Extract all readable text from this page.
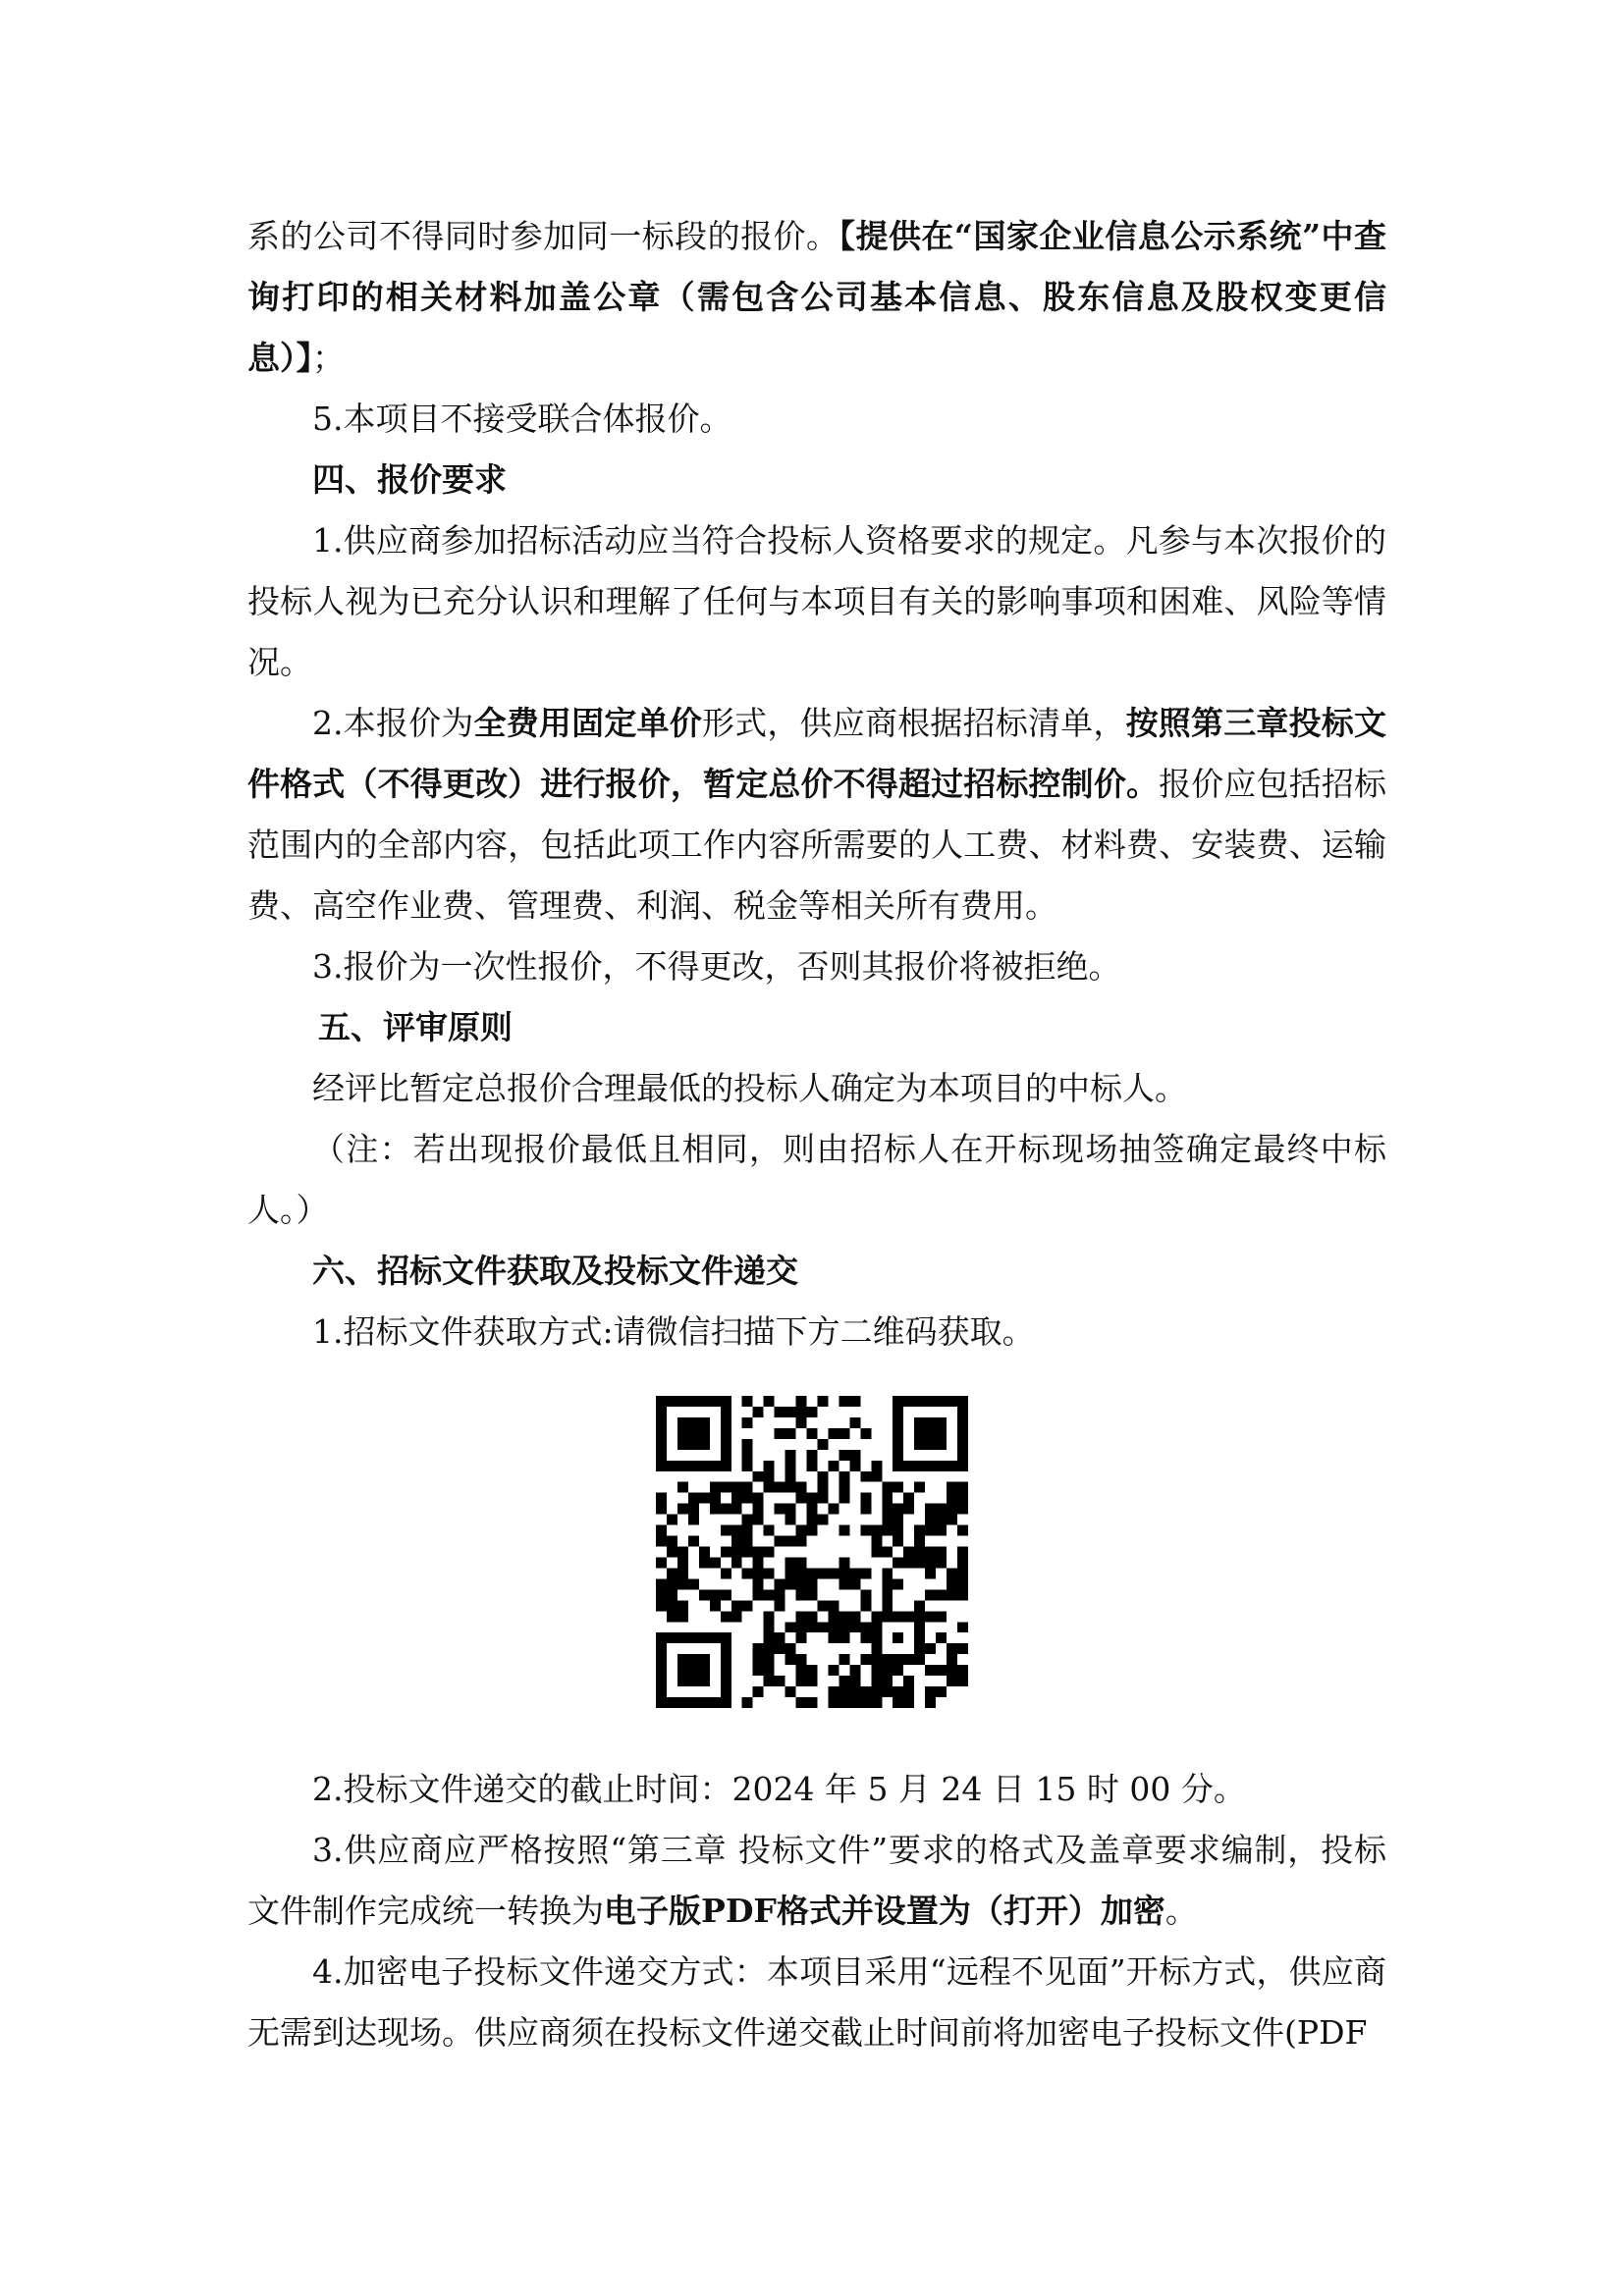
系的公司不得同时参加同一标段的报价。【提供在“国家企业信息公示系统”中查询打印的相关材料加盖公章（需包含公司基本信息、股东信息及股权变更信息）】；

5.本项目不接受联合体报价。

四、报价要求

1.供应商参加招标活动应当符合投标人资格要求的规定。凡参与本次报价的投标人视为已充分认识和理解了任何与本项目有关的影响事项和困难、风险等情况。

2.本报价为全费用固定单价形式，供应商根据招标清单，按照第三章投标文件格式（不得更改）进行报价，暂定总价不得超过招标控制价。报价应包括招标范围内的全部内容，包括此项工作内容所需要的人工费、材料费、安装费、运输费、高空作业费、管理费、利润、税金等相关所有费用。

3.报价为一次性报价，不得更改，否则其报价将被拒绝。

五、评审原则

经评比暂定总报价合理最低的投标人确定为本项目的中标人。

（注：若出现报价最低且相同，则由招标人在开标现场抽签确定最终中标人。）

六、招标文件获取及投标文件递交

1.招标文件获取方式:请微信扫描下方二维码获取。

2.投标文件递交的截止时间：2024 年 5 月 24 日 15 时 00 分。

3.供应商应严格按照“第三章 投标文件”要求的格式及盖章要求编制，投标文件制作完成统一转换为电子版PDF格式并设置为（打开）加密。

4.加密电子投标文件递交方式：本项目采用“远程不见面”开标方式，供应商无需到达现场。供应商须在投标文件递交截止时间前将加密电子投标文件(PDF
